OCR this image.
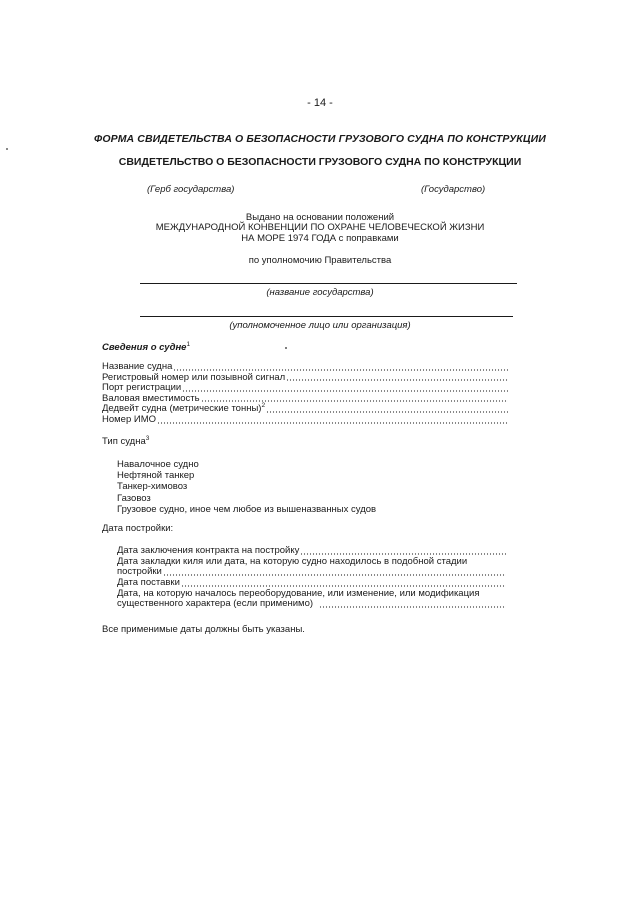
- 14 -
ФОРМА СВИДЕТЕЛЬСТВА О БЕЗОПАСНОСТИ ГРУЗОВОГО СУДНА ПО КОНСТРУКЦИИ
СВИДЕТЕЛЬСТВО О БЕЗОПАСНОСТИ ГРУЗОВОГО СУДНА ПО КОНСТРУКЦИИ
(Герб государства)	(Государство)
Выдано на основании положений
МЕЖДУНАРОДНОЙ КОНВЕНЦИИ ПО ОХРАНЕ ЧЕЛОВЕЧЕСКОЙ ЖИЗНИ
НА МОРЕ 1974 ГОДА с поправками
по уполномочию Правительства
(название государства)
(уполномоченное лицо или организация)
Сведения о судне$^1$
Название судна
Регистровый номер или позывной сигнал
Порт регистрации
Валовая вместимость
Дедвейт судна (метрические тонны)$^2$
Номер ИМО
Тип судна$^3$
Навалочное судно
Нефтяной танкер
Танкер-химовоз
Газовоз
Грузовое судно, иное чем любое из вышеназванных судов
Дата постройки:
Дата заключения контракта на постройку
Дата закладки киля или дата, на которую судно находилось в подобной стадии
постройки
Дата поставки
Дата, на которую началось переоборудование, или изменение, или модификация
существенного характера (если применимо)
Все применимые даты должны быть указаны.
